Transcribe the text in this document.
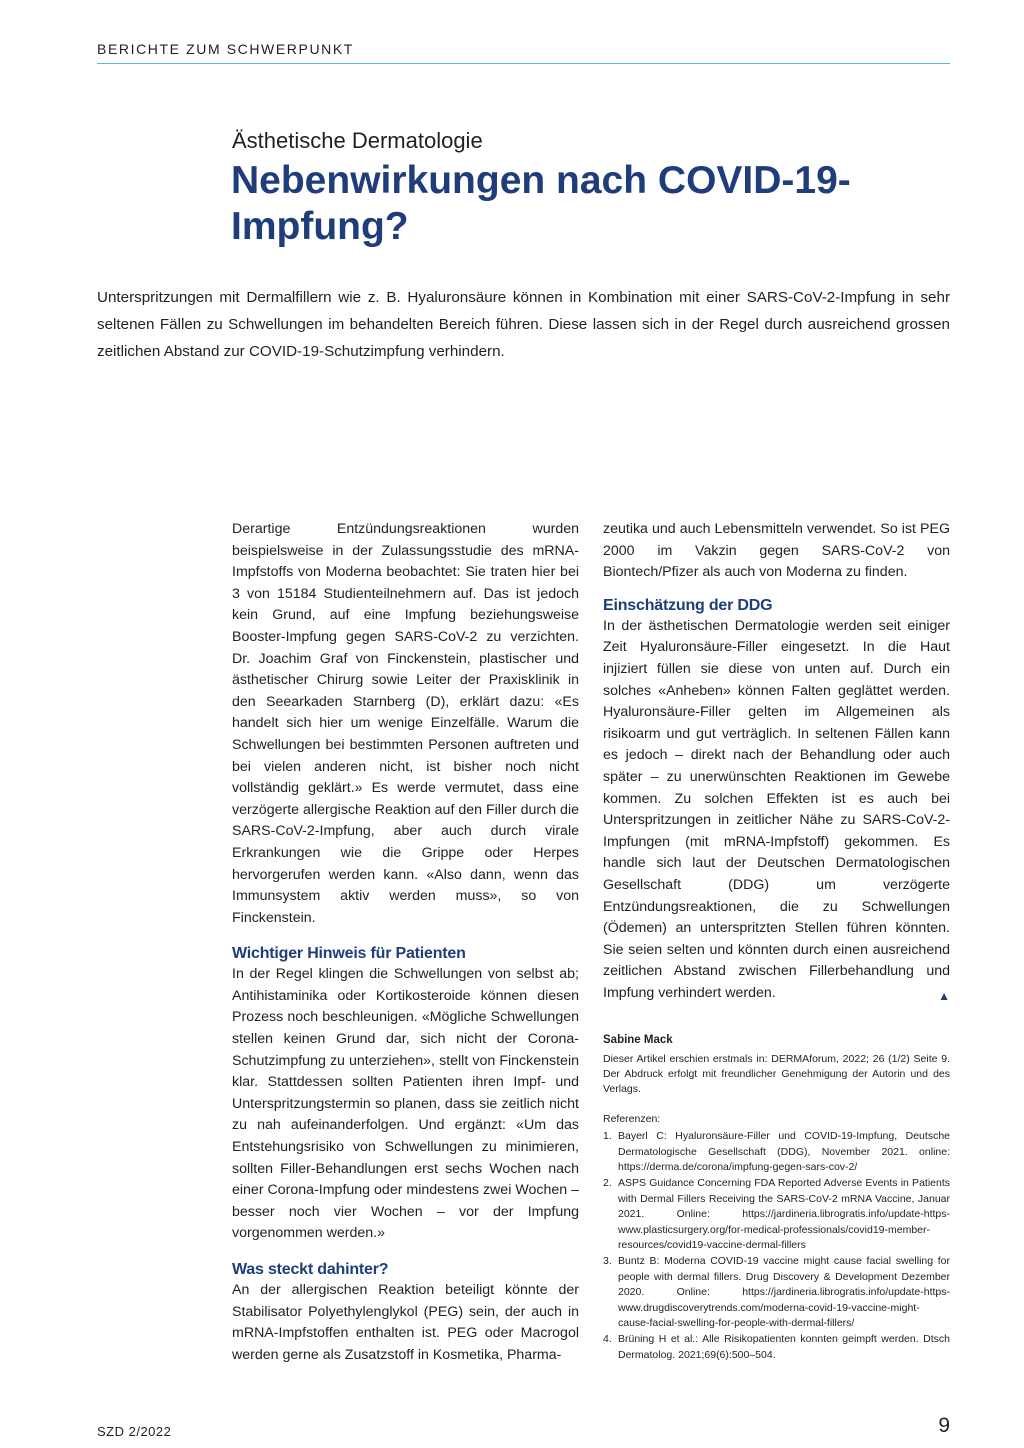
BERICHTE ZUM SCHWERPUNKT
Ästhetische Dermatologie
Nebenwirkungen nach COVID-19-Impfung?

Unterspritzungen mit Dermalfillern wie z. B. Hyaluronsäure können in Kombination mit einer SARS-CoV-2-Impfung in sehr seltenen Fällen zu Schwellungen im behandelten Bereich führen. Diese lassen sich in der Regel durch ausreichend grossen zeitlichen Abstand zur COVID-19-Schutzimpfung verhindern.

Derartige Entzündungsreaktionen wurden beispielsweise in der Zulassungsstudie des mRNA-Impfstoffs von Moderna beobachtet: Sie traten hier bei 3 von 15184 Studienteilnehmern auf. Das ist jedoch kein Grund, auf eine Impfung beziehungsweise Booster-Impfung gegen SARS-CoV-2 zu verzichten. Dr. Joachim Graf von Finckenstein, plastischer und ästhetischer Chirurg sowie Leiter der Praxisklinik in den Seearkaden Starnberg (D), erklärt dazu: «Es handelt sich hier um wenige Einzelfälle. Warum die Schwellungen bei bestimmten Personen auftreten und bei vielen anderen nicht, ist bisher noch nicht vollständig geklärt.» Es werde vermutet, dass eine verzögerte allergische Reaktion auf den Filler durch die SARS-CoV-2-Impfung, aber auch durch virale Erkrankungen wie die Grippe oder Herpes hervorgerufen werden kann. «Also dann, wenn das Immunsystem aktiv werden muss», so von Finckenstein.

Wichtiger Hinweis für Patienten

In der Regel klingen die Schwellungen von selbst ab; Antihistaminika oder Kortikosteroide können diesen Prozess noch beschleunigen. «Mögliche Schwellungen stellen keinen Grund dar, sich nicht der Corona-Schutzimpfung zu unterziehen», stellt von Finckenstein klar. Stattdessen sollten Patienten ihren Impf- und Unterspritzungstermin so planen, dass sie zeitlich nicht zu nah aufeinanderfolgen. Und ergänzt: «Um das Entstehungsrisiko von Schwellungen zu minimieren, sollten Filler-Behandlungen erst sechs Wochen nach einer Corona-Impfung oder mindestens zwei Wochen – besser noch vier Wochen – vor der Impfung vorgenommen werden.»

Was steckt dahinter?

An der allergischen Reaktion beteiligt könnte der Stabilisator Polyethylenglykol (PEG) sein, der auch in mRNA-Impfstoffen enthalten ist. PEG oder Macrogol werden gerne als Zusatzstoff in Kosmetika, Pharma-

zeutika und auch Lebensmitteln verwendet. So ist PEG 2000 im Vakzin gegen SARS-CoV-2 von Biontech/Pfizer als auch von Moderna zu finden.

Einschätzung der DDG

In der ästhetischen Dermatologie werden seit einiger Zeit Hyaluronsäure-Filler eingesetzt. In die Haut injiziert füllen sie diese von unten auf. Durch ein solches «Anheben» können Falten geglättet werden. Hyaluronsäure-Filler gelten im Allgemeinen als risikoarm und gut verträglich. In seltenen Fällen kann es jedoch – direkt nach der Behandlung oder auch später – zu unerwünschten Reaktionen im Gewebe kommen. Zu solchen Effekten ist es auch bei Unterspritzungen in zeitlicher Nähe zu SARS-CoV-2-Impfungen (mit mRNA-Impfstoff) gekommen. Es handle sich laut der Deutschen Dermatologischen Gesellschaft (DDG) um verzögerte Entzündungsreaktionen, die zu Schwellungen (Ödemen) an unterspritzten Stellen führen könnten. Sie seien selten und könnten durch einen ausreichend zeitlichen Abstand zwischen Fillerbehandlung und Impfung verhindert werden.	▲

Sabine Mack

Dieser Artikel erschien erstmals in: DERMAforum, 2022; 26 (1/2) Seite 9. Der Abdruck erfolgt mit freundlicher Genehmigung der Autorin und des Verlags.

Referenzen:
1. Bayerl C: Hyaluronsäure-Filler und COVID-19-Impfung, Deutsche Dermatologische Gesellschaft (DDG), November 2021. online: https://derma.de/corona/impfung-gegen-sars-cov-2/
2. ASPS Guidance Concerning FDA Reported Adverse Events in Patients with Dermal Fillers Receiving the SARS-CoV-2 mRNA Vaccine, Januar 2021. Online: https://jardineria.librogratis.info/update-https-www.plasticsurgery.org/for-medical-professionals/covid19-member-resources/covid19-vaccine-dermal-fillers
3. Buntz B: Moderna COVID-19 vaccine might cause facial swelling for people with dermal fillers. Drug Discovery & Development Dezember 2020. Online: https://jardineria.librogratis.info/update-https-www.drugdiscoverytrends.com/moderna-covid-19-vaccine-might-cause-facial-swelling-for-people-with-dermal-fillers/
4. Brüning H et al.: Alle Risikopatienten konnten geimpft werden. Dtsch Dermatolog. 2021;69(6):500–504.
SZD 2/2022	9
